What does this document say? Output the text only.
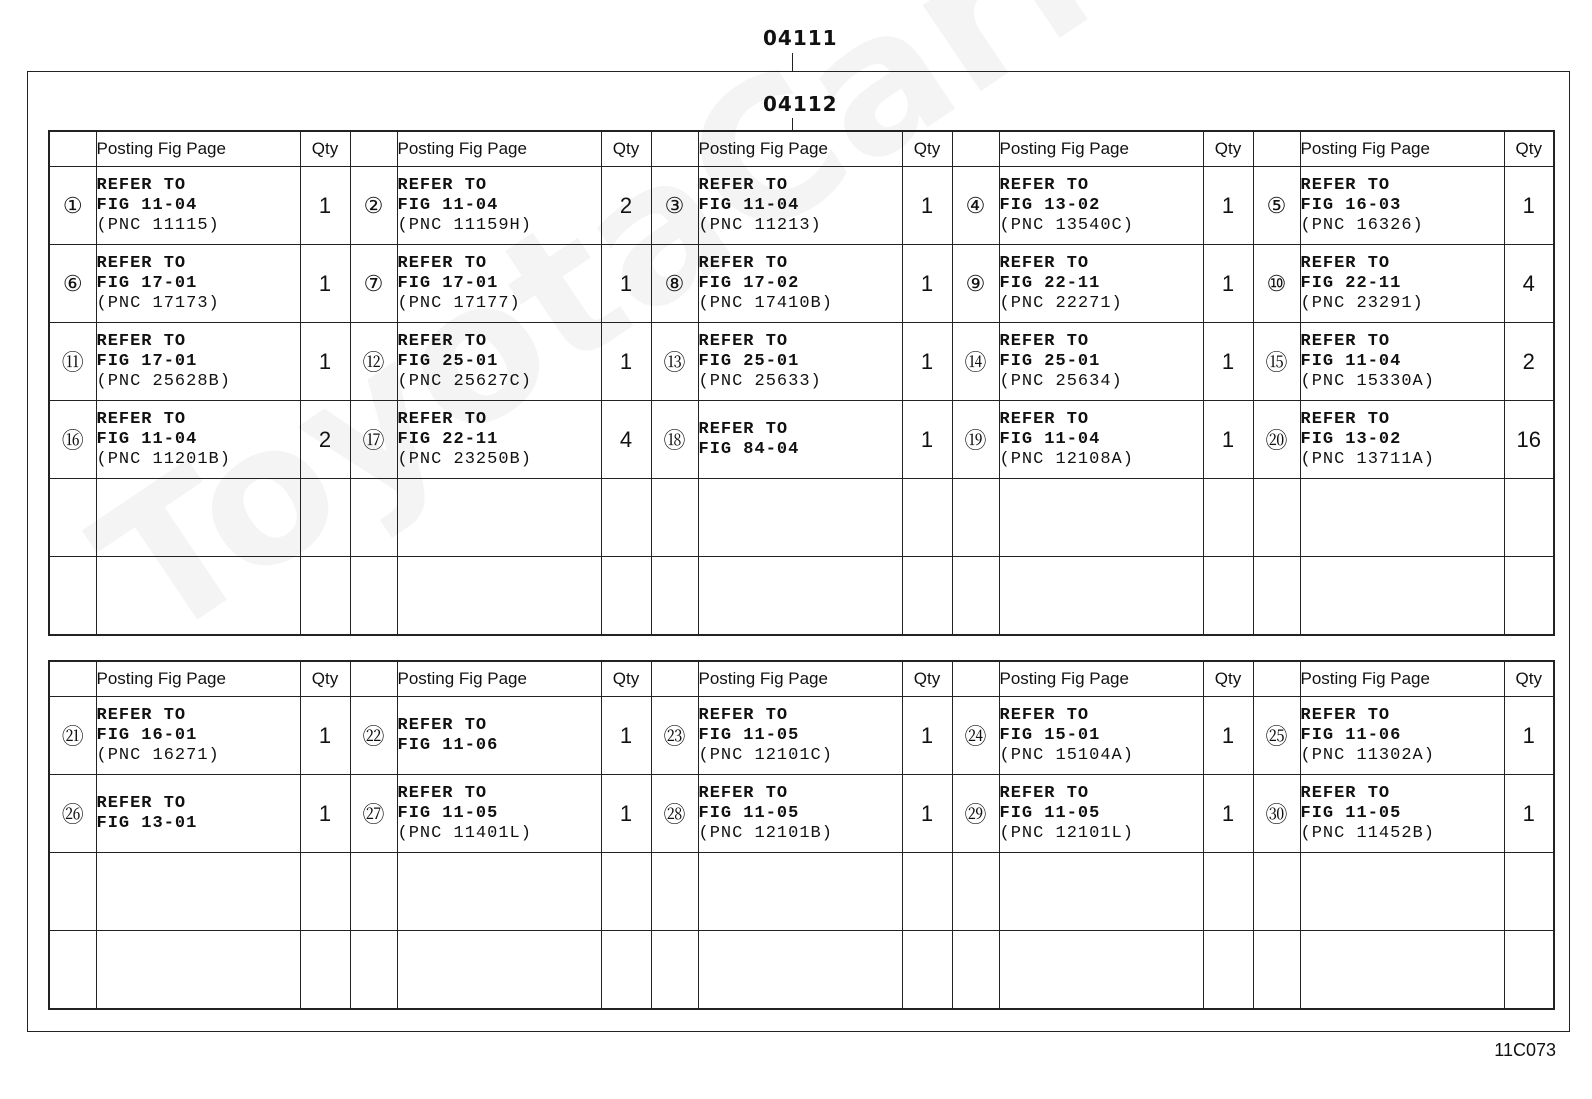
04111
04112
	Posting Fig Page	Qty		Posting Fig Page	Qty		Posting Fig Page	Qty		Posting Fig Page	Qty		Posting Fig Page	Qty
①	REFER TO
FIG 11-04
(PNC 11115)	1	②	REFER TO
FIG 11-04
(PNC 11159H)	2	③	REFER TO
FIG 11-04
(PNC 11213)	1	④	REFER TO
FIG 13-02
(PNC 13540C)	1	⑤	REFER TO
FIG 16-03
(PNC 16326)	1
⑥	REFER TO
FIG 17-01
(PNC 17173)	1	⑦	REFER TO
FIG 17-01
(PNC 17177)	1	⑧	REFER TO
FIG 17-02
(PNC 17410B)	1	⑨	REFER TO
FIG 22-11
(PNC 22271)	1	⑩	REFER TO
FIG 22-11
(PNC 23291)	4
⑪	REFER TO
FIG 17-01
(PNC 25628B)	1	⑫	REFER TO
FIG 25-01
(PNC 25627C)	1	⑬	REFER TO
FIG 25-01
(PNC 25633)	1	⑭	REFER TO
FIG 25-01
(PNC 25634)	1	⑮	REFER TO
FIG 11-04
(PNC 15330A)	2
⑯	REFER TO
FIG 11-04
(PNC 11201B)	2	⑰	REFER TO
FIG 22-11
(PNC 23250B)	4	⑱	REFER TO
FIG 84-04	1	⑲	REFER TO
FIG 11-04
(PNC 12108A)	1	⑳	REFER TO
FIG 13-02
(PNC 13711A)	16

	Posting Fig Page	Qty		Posting Fig Page	Qty		Posting Fig Page	Qty		Posting Fig Page	Qty		Posting Fig Page	Qty
㉑	REFER TO
FIG 16-01
(PNC 16271)	1	㉒	REFER TO
FIG 11-06	1	㉓	REFER TO
FIG 11-05
(PNC 12101C)	1	㉔	REFER TO
FIG 15-01
(PNC 15104A)	1	㉕	REFER TO
FIG 11-06
(PNC 11302A)	1
㉖	REFER TO
FIG 13-01	1	㉗	REFER TO
FIG 11-05
(PNC 11401L)	1	㉘	REFER TO
FIG 11-05
(PNC 12101B)	1	㉙	REFER TO
FIG 11-05
(PNC 12101L)	1	㉚	REFER TO
FIG 11-05
(PNC 11452B)	1

11C073
